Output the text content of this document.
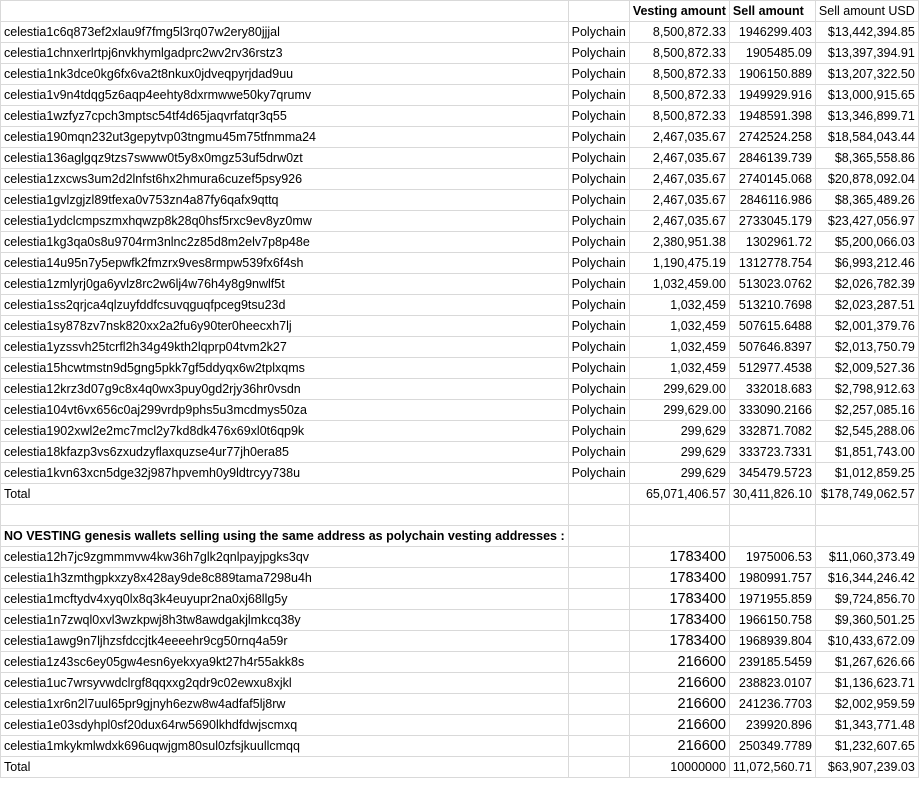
		Vesting amount	Sell amount	Sell amount USD
celestia1c6q873ef2xlau9f7fmg5l3rq07w2ery80jjjal	Polychain	8,500,872.33	1946299.403	$13,442,394.85
celestia1chnxerlrtpj6nvkhymlgadprc2wv2rv36rstz3	Polychain	8,500,872.33	1905485.09	$13,397,394.91
celestia1nk3dce0kg6fx6va2t8nkux0jdveqpyrjdad9uu	Polychain	8,500,872.33	1906150.889	$13,207,322.50
celestia1v9n4tdqg5z6aqp4eehty8dxrmwwe50ky7qrumv	Polychain	8,500,872.33	1949929.916	$13,000,915.65
celestia1wzfyz7cpch3mptsc54tf4d65jaqvrfatqr3q55	Polychain	8,500,872.33	1948591.398	$13,346,899.71
celestia190mqn232ut3gepytvp03tngmu45m75tfnmma24	Polychain	2,467,035.67	2742524.258	$18,584,043.44
celestia136aglgqz9tzs7swww0t5y8x0mgz53uf5drw0zt	Polychain	2,467,035.67	2846139.739	$8,365,558.86
celestia1zxcws3um2d2lnfst6hx2hmura6cuzef5psy926	Polychain	2,467,035.67	2740145.068	$20,878,092.04
celestia1gvlzgjzl89tfexa0v753zn4a87fy6qafx9qttq	Polychain	2,467,035.67	2846116.986	$8,365,489.26
celestia1ydclcmpszmxhqwzp8k28q0hsf5rxc9ev8yz0mw	Polychain	2,467,035.67	2733045.179	$23,427,056.97
celestia1kg3qa0s8u9704rm3nlnc2z85d8m2elv7p8p48e	Polychain	2,380,951.38	1302961.72	$5,200,066.03
celestia14u95n7y5epwfk2fmzrx9ves8rmpw539fx6f4sh	Polychain	1,190,475.19	1312778.754	$6,993,212.46
celestia1zmlyrj0ga6yvlz8rc2w6lj4w76h4y8g9nwlf5t	Polychain	1,032,459.00	513023.0762	$2,026,782.39
celestia1ss2qrjca4qlzuyfddfcsuvqguqfpceg9tsu23d	Polychain	1,032,459	513210.7698	$2,023,287.51
celestia1sy878zv7nsk820xx2a2fu6y90ter0heecxh7lj	Polychain	1,032,459	507615.6488	$2,001,379.76
celestia1yzssvh25tcrfl2h34g49kth2lqprp04tvm2k27	Polychain	1,032,459	507646.8397	$2,013,750.79
celestia15hcwtmstn9d5gng5pkk7gf5ddyqx6w2tplxqms	Polychain	1,032,459	512977.4538	$2,009,527.36
celestia12krz3d07g9c8x4q0wx3puy0gd2rjy36hr0vsdn	Polychain	299,629.00	332018.683	$2,798,912.63
celestia104vt6vx656c0aj299vrdp9phs5u3mcdmys50za	Polychain	299,629.00	333090.2166	$2,257,085.16
celestia1902xwl2e2mc7mcl2y7kd8dk476x69xl0t6qp9k	Polychain	299,629	332871.7082	$2,545,288.06
celestia18kfazp3vs6zxudzyflaxquzse4ur77jh0era85	Polychain	299,629	333723.7331	$1,851,743.00
celestia1kvn63xcn5dge32j987hpvemh0y9ldtrcyy738u	Polychain	299,629	345479.5723	$1,012,859.25
Total		65,071,406.57	30,411,826.10	$178,749,062.57

NO VESTING genesis wallets selling using the same address as polychain vesting addresses :				
celestia12h7jc9zgmmmvw4kw36h7glk2qnlpayjpgks3qv		1783400	1975006.53	$11,060,373.49
celestia1h3zmthgpkxzy8x428ay9de8c889tama7298u4h		1783400	1980991.757	$16,344,246.42
celestia1mcftydv4xyq0lx8q3k4euyupr2na0xj68llg5y		1783400	1971955.859	$9,724,856.70
celestia1n7zwql0xvl3wzkpwj8h3tw8awdgakjlmkcq38y		1783400	1966150.758	$9,360,501.25
celestia1awg9n7ljhzsfdccjtk4eeeehr9cg50rnq4a59r		1783400	1968939.804	$10,433,672.09
celestia1z43sc6ey05gw4esn6yekxya9kt27h4r55akk8s		216600	239185.5459	$1,267,626.66
celestia1uc7wrsyvwdclrgf8qqxxg2qdr9c02ewxu8xjkl		216600	238823.0107	$1,136,623.71
celestia1xr6n2l7uul65pr9gjnyh6ezw8w4adfaf5lj8rw		216600	241236.7703	$2,002,959.59
celestia1e03sdyhpl0sf20dux64rw5690lkhdfdwjscmxq		216600	239920.896	$1,343,771.48
celestia1mkykmlwdxk696uqwjgm80sul0zfsjkuullcmqq		216600	250349.7789	$1,232,607.65
Total		10000000	11,072,560.71	$63,907,239.03
